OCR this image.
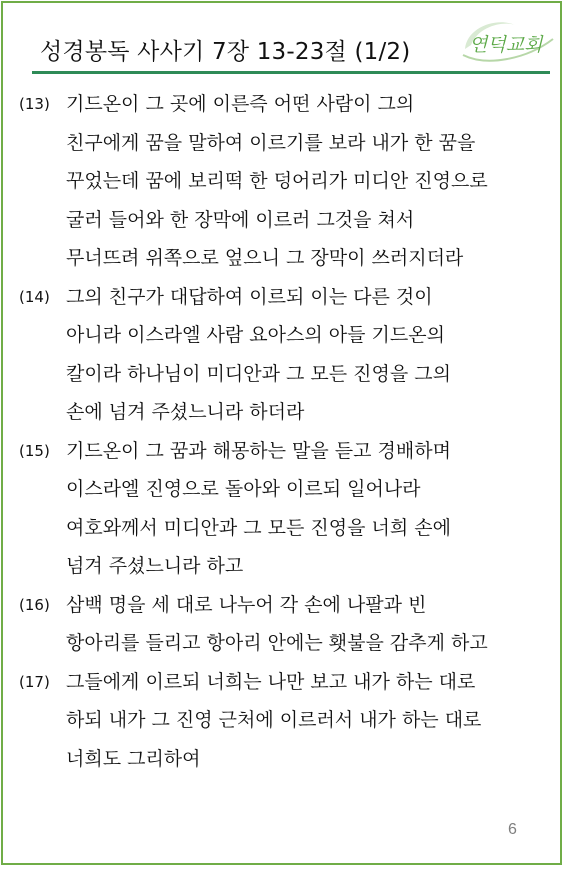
성경봉독 사사기 7장 13-23절 (1/2)	연덕교회
(13) 기드온이 그 곳에 이른즉 어떤 사람이 그의
친구에게 꿈을 말하여 이르기를 보라 내가 한 꿈을
꾸었는데 꿈에 보리떡 한 덩어리가 미디안 진영으로
굴러 들어와 한 장막에 이르러 그것을 쳐서
무너뜨려 위쪽으로 엎으니 그 장막이 쓰러지더라
(14) 그의 친구가 대답하여 이르되 이는 다른 것이
아니라 이스라엘 사람 요아스의 아들 기드온의
칼이라 하나님이 미디안과 그 모든 진영을 그의
손에 넘겨 주셨느니라 하더라
(15) 기드온이 그 꿈과 해몽하는 말을 듣고 경배하며
이스라엘 진영으로 돌아와 이르되 일어나라
여호와께서 미디안과 그 모든 진영을 너희 손에
넘겨 주셨느니라 하고
(16) 삼백 명을 세 대로 나누어 각 손에 나팔과 빈
항아리를 들리고 항아리 안에는 횃불을 감추게 하고
(17) 그들에게 이르되 너희는 나만 보고 내가 하는 대로
하되 내가 그 진영 근처에 이르러서 내가 하는 대로
너희도 그리하여
6
